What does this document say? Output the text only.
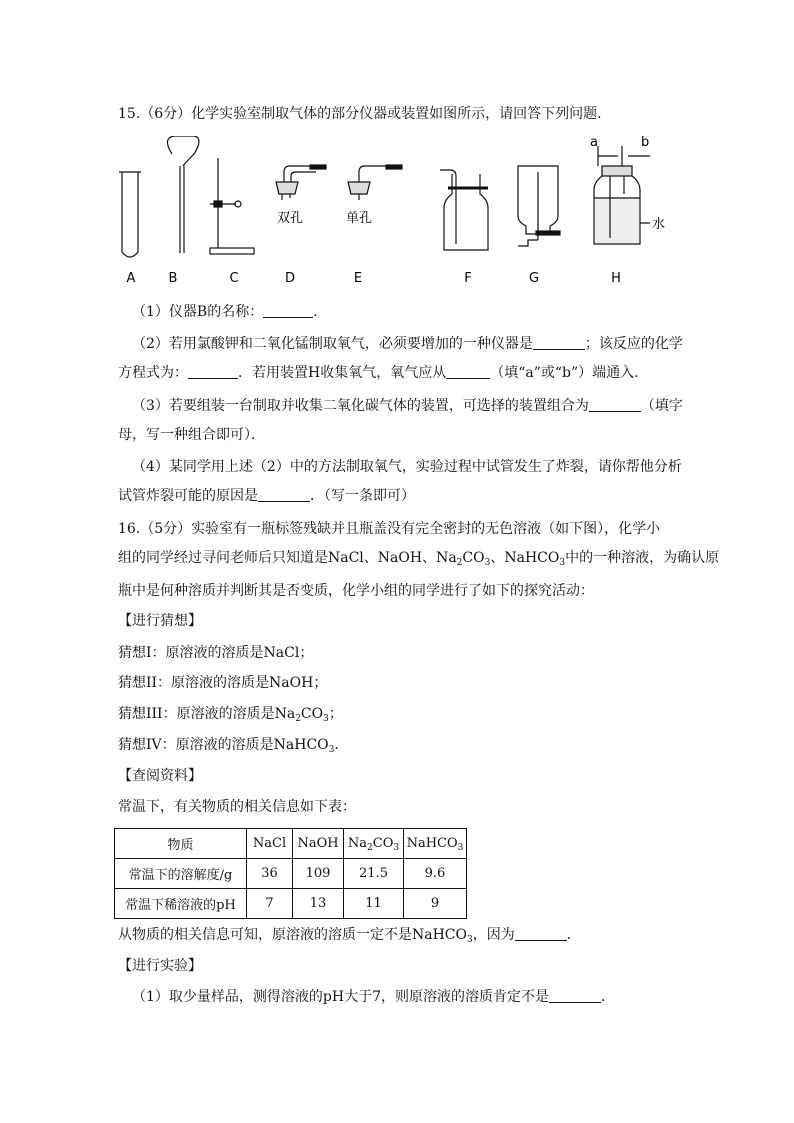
15.（6分）化学实验室制取气体的部分仪器或装置如图所示，请回答下列问题．
a	b
水
双孔	单孔
A	B	C	D	E	F	G	H
（1）仪器B的名称：	．
（2）若用氯酸钾和二氧化锰制取氧气，必须要增加的一种仪器是	；该反应的化学
方程式为：	．若用装置H收集氧气，氧气应从	（填“a”或“b”）端通入．
（3）若要组装一台制取并收集二氧化碳气体的装置，可选择的装置组合为	（填字
母，写一种组合即可）．
（4）某同学用上述（2）中的方法制取氧气，实验过程中试管发生了炸裂，请你帮他分析
试管炸裂可能的原因是	．（写一条即可）
16.（5分）实验室有一瓶标签残缺并且瓶盖没有完全密封的无色溶液（如下图），化学小
组的同学经过寻问老师后只知道是NaCl、NaOH、$Na_2CO_3$、NaHCO$_3$中的一种溶液，为确认原
瓶中是何种溶质并判断其是否变质，化学小组的同学进行了如下的探究活动：
【进行猜想】
猜想I：原溶液的溶质是NaCl；
猜想II：原溶液的溶质是NaOH；
猜想III：原溶液的溶质是$Na_2CO_3$；
猜想IV：原溶液的溶质是NaHCO$_3$．
【查阅资料】
常温下，有关物质的相关信息如下表：
物质	NaCl	NaOH	$Na_2CO_3$	NaHCO$_3$
常温下的溶解度/g	36	109	21.5	9.6
常温下稀溶液的pH	7	13	11	9
从物质的相关信息可知，原溶液的溶质一定不是NaHCO$_3$，因为	．
【进行实验】
（1）取少量样品，测得溶液的pH大于7，则原溶液的溶质肯定不是	．
